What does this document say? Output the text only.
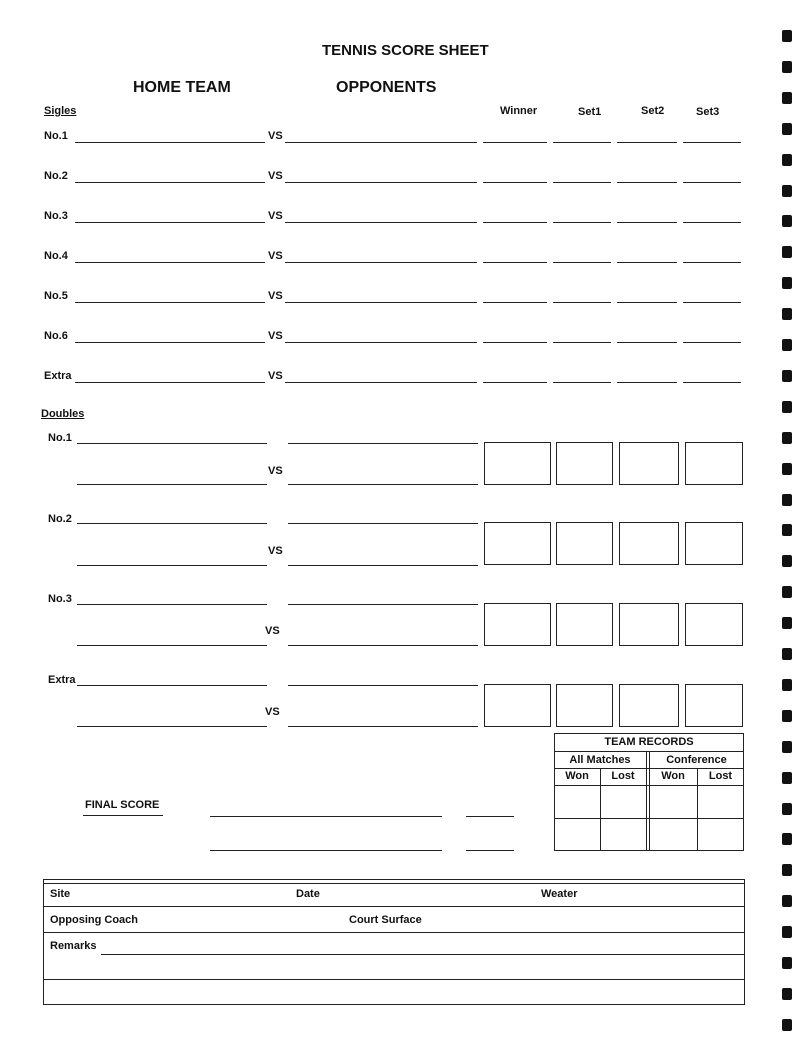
TENNIS SCORE SHEET
HOME TEAM	OPPONENTS
Sigles	Winner	Set1	Set2	Set3
No.1	VS
No.2	VS
No.3	VS
No.4	VS
No.5	VS
No.6	VS
Extra	VS
Doubles
No.1
VS
No.2
VS
No.3
VS
Extra
VS
TEAM RECORDS
All Matches	Conference
Won	Lost	Won	Lost
FINAL SCORE
Site	Date	Weater
Opposing Coach	Court Surface
Remarks
